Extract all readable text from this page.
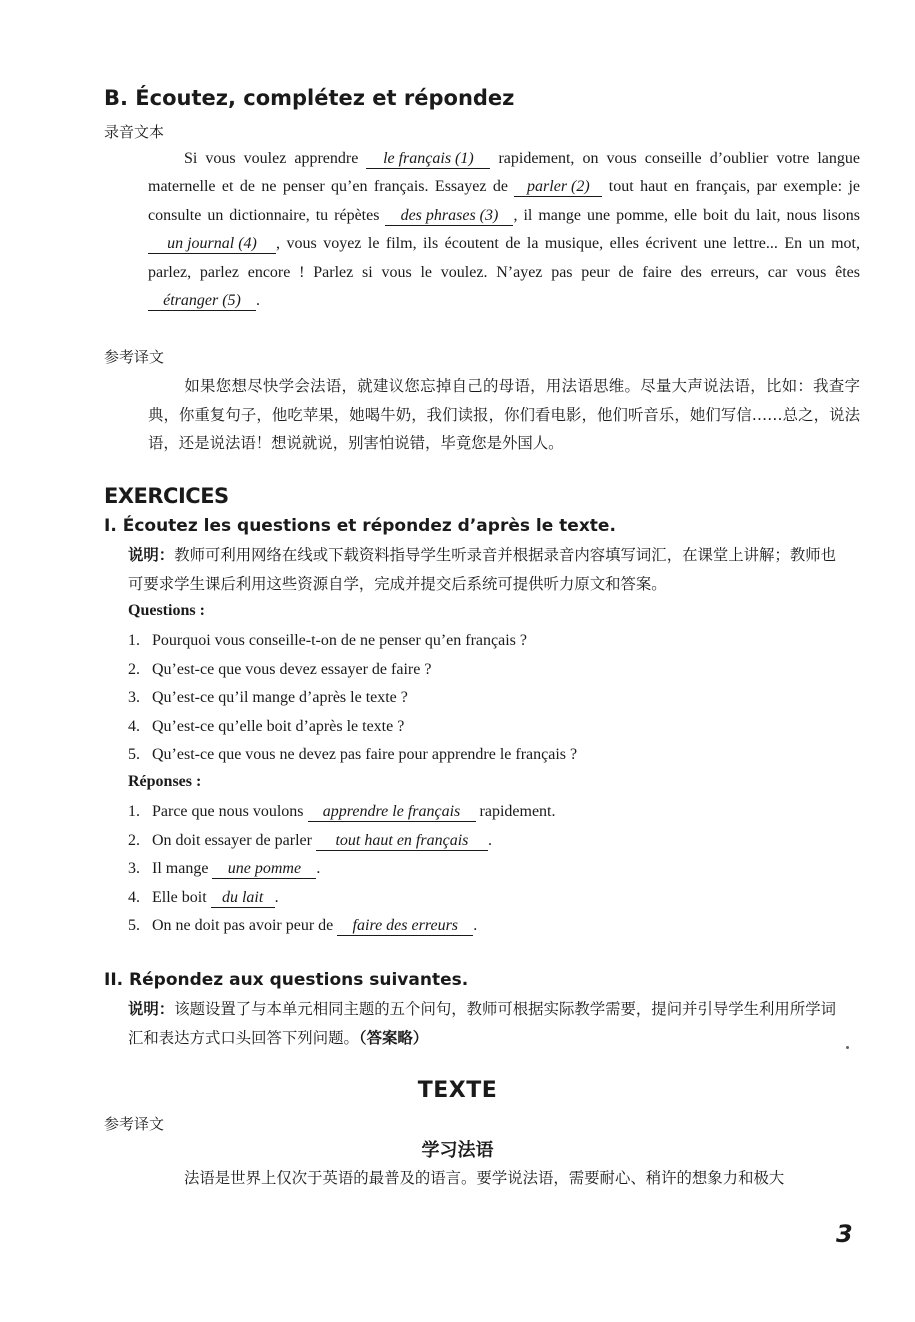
B. Écoutez, complétez et répondez

录音文本

Si vous voulez apprendre le français (1) rapidement, on vous conseille d’oublier votre langue maternelle et de ne penser qu’en français. Essayez de parler (2) tout haut en français, par exemple: je consulte un dictionnaire, tu répètes des phrases (3) , il mange une pomme, elle boit du lait, nous lisons un journal (4) , vous voyez le film, ils écoutent de la musique, elles écrivent une lettre... En un mot, parlez, parlez encore ! Parlez si vous le voulez. N’ayez pas peur de faire des erreurs, car vous êtes étranger (5) .

参考译文

如果您想尽快学会法语，就建议您忘掉自己的母语，用法语思维。尽量大声说法语，比如：我查字典，你重复句子，他吃苹果，她喝牛奶，我们读报，你们看电影，他们听音乐，她们写信……总之，说法语，还是说法语！想说就说，别害怕说错，毕竟您是外国人。

EXERCICES
I. Écoutez les questions et répondez d’après le texte.

说明：教师可利用网络在线或下载资料指导学生听录音并根据录音内容填写词汇，在课堂上讲解；教师也可要求学生课后利用这些资源自学，完成并提交后系统可提供听力原文和答案。

Questions :

1. Pourquoi vous conseille-t-on de ne penser qu’en français ?
2. Qu’est-ce que vous devez essayer de faire ?
3. Qu’est-ce qu’il mange d’après le texte ?
4. Qu’est-ce qu’elle boit d’après le texte ?
5. Qu’est-ce que vous ne devez pas faire pour apprendre le français ?

Réponses :

1. Parce que nous voulons apprendre le français rapidement.
2. On doit essayer de parler tout haut en français .
3. Il mange une pomme .
4. Elle boit du lait .
5. On ne doit pas avoir peur de faire des erreurs .
II. Répondez aux questions suivantes.

说明：该题设置了与本单元相同主题的五个问句，教师可根据实际教学需要，提问并引导学生利用所学词汇和表达方式口头回答下列问题。（答案略）

TEXTE

参考译文

学习法语

法语是世界上仅次于英语的最普及的语言。要学说法语，需要耐心、稍许的想象力和极大

3
